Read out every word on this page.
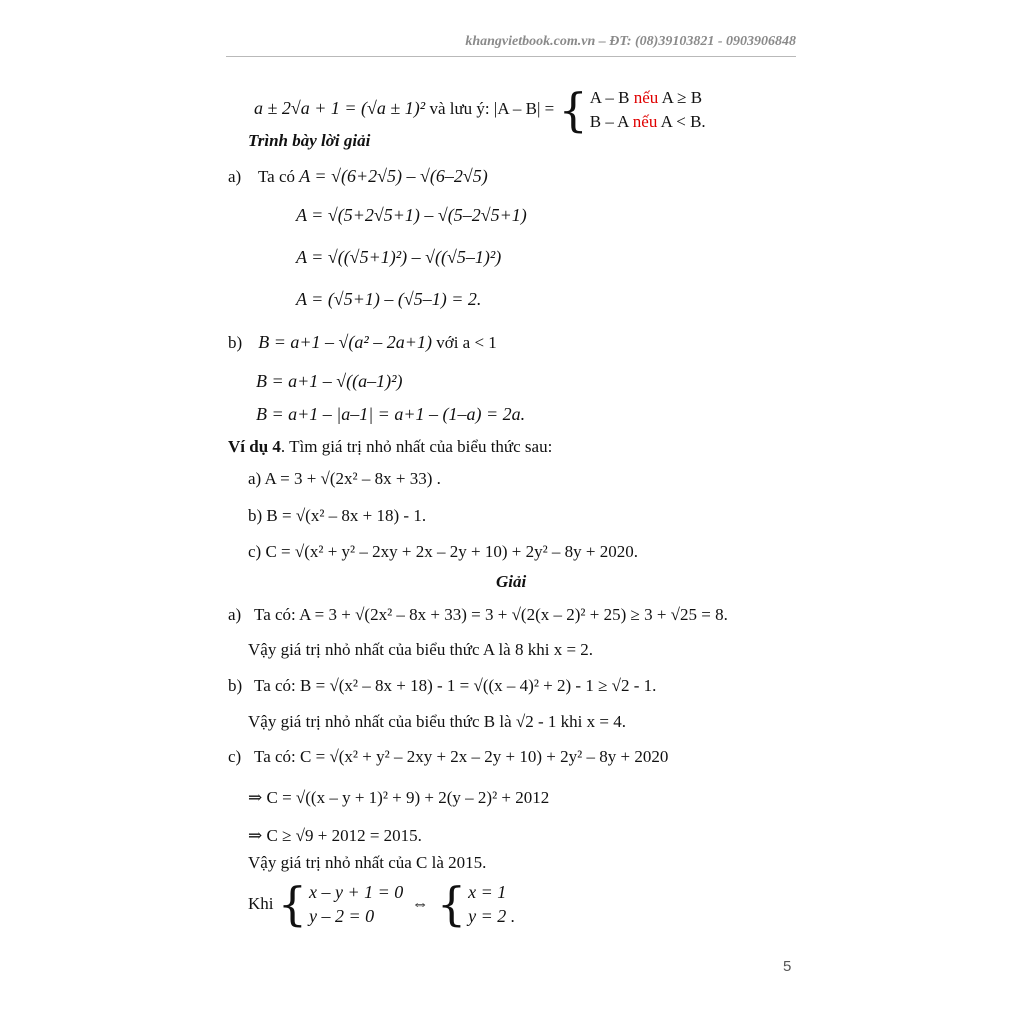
khangvietbook.com.vn – ĐT: (08)39103821 - 0903906848
a ± 2√a + 1 = (√a ± 1)² và lưu ý: |A – B| = { A – B nếu A ≥ B
B – A nếu A < B.
Trình bày lời giải
a) Ta có A = √(6+2√5) – √(6–2√5)
A = √(5+2√5+1) – √(5–2√5+1)
A = √((√5+1)²) – √((√5–1)²)
A = (√5+1) – (√5–1) = 2.
b) B = a+1 – √(a² – 2a+1) với a < 1
B = a+1 – √((a–1)²)
B = a+1 – |a–1| = a+1 – (1–a) = 2a.
Ví dụ 4. Tìm giá trị nhỏ nhất của biểu thức sau:
a) A = 3 + √(2x² – 8x + 33) .
b) B = √(x² – 8x + 18) - 1.
c) C = √(x² + y² – 2xy + 2x – 2y + 10) + 2y² – 8y + 2020.
Giải
a) Ta có: A = 3 + √(2x² – 8x + 33) = 3 + √(2(x – 2)² + 25) ≥ 3 + √25 = 8.
Vậy giá trị nhỏ nhất của biểu thức A là 8 khi x = 2.
b) Ta có: B = √(x² – 8x + 18) - 1 = √((x – 4)² + 2) - 1 ≥ √2 - 1.
Vậy giá trị nhỏ nhất của biểu thức B là √2 - 1 khi x = 4.
c) Ta có: C = √(x² + y² – 2xy + 2x – 2y + 10) + 2y² – 8y + 2020
⇒ C = √((x – y + 1)² + 9) + 2(y – 2)² + 2012
⇒ C ≥ √9 + 2012 = 2015.
Vậy giá trị nhỏ nhất của C là 2015.
Khi { x – y + 1 = 0
y – 2 = 0
⇔ { x = 1
y = 2 .
5
